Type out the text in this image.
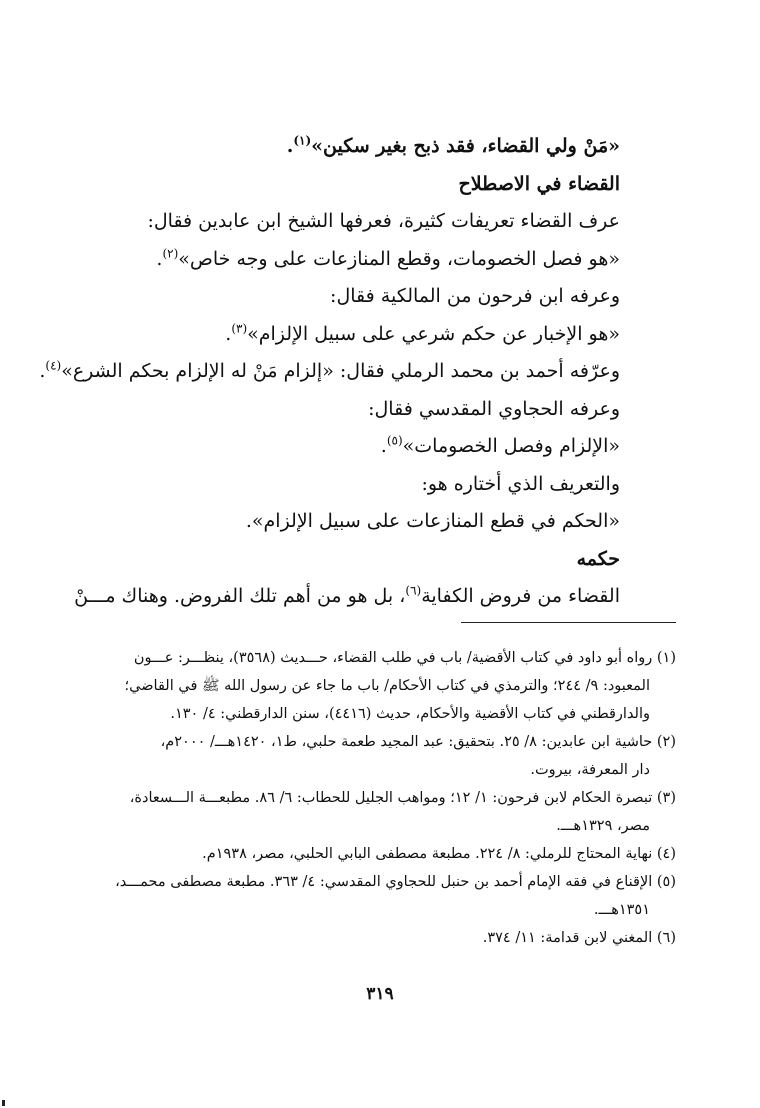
«مَنْ ولي القضاء، فقد ذبح بغير سكين»$^{(١)}$.
القضاء في الاصطلاح
عرف القضاء تعريفات كثيرة، فعرفها الشيخ ابن عابدين فقال:
«هو فصل الخصومات، وقطع المنازعات على وجه خاص»$^{(٢)}$.
وعرفه ابن فرحون من المالكية فقال:
«هو الإخبار عن حكم شرعي على سبيل الإلزام»$^{(٣)}$.
وعرّفه أحمد بن محمد الرملي فقال: «إلزام مَنْ له الإلزام بحكم الشرع»$^{(٤)}$.
وعرفه الحجاوي المقدسي فقال:
«الإلزام وفصل الخصومات»$^{(٥)}$.
والتعريف الذي أختاره هو:
«الحكم في قطع المنازعات على سبيل الإلزام».
حكمه
القضاء من فروض الكفاية$^{(٦)}$، بل هو من أهم تلك الفروض. وهناك مـــنْ
(١) رواه أبو داود في كتاب الأقضية/ باب في طلب القضاء، حـــديث (٣٥٦٨)، ينظـــر: عـــون
المعبود: ٩/ ٢٤٤؛ والترمذي في كتاب الأحكام/ باب ما جاء عن رسول الله ﷺ في القاضي؛
والدارقطني في كتاب الأقضية والأحكام، حديث (٤٤١٦)، سنن الدارقطني: ٤/ ١٣٠.
(٢) حاشية ابن عابدين: ٨/ ٢٥. بتحقيق: عبد المجيد طعمة حلبي، ط١، ١٤٢٠هـــ/ ٢٠٠٠م،
دار المعرفة، بيروت.
(٣) تبصرة الحكام لابن فرحون: ١/ ١٢؛ ومواهب الجليل للحطاب: ٦/ ٨٦. مطبعـــة الـــسعادة،
مصر، ١٣٢٩هـــ.
(٤) نهاية المحتاج للرملي: ٨/ ٢٢٤. مطبعة مصطفى البابي الحلبي، مصر، ١٩٣٨م.
(٥) الإقناع في فقه الإمام أحمد بن حنبل للحجاوي المقدسي: ٤/ ٣٦٣. مطبعة مصطفى محمـــد،
١٣٥١هـــ.
(٦) المغني لابن قدامة: ١١/ ٣٧٤.
٣١٩
